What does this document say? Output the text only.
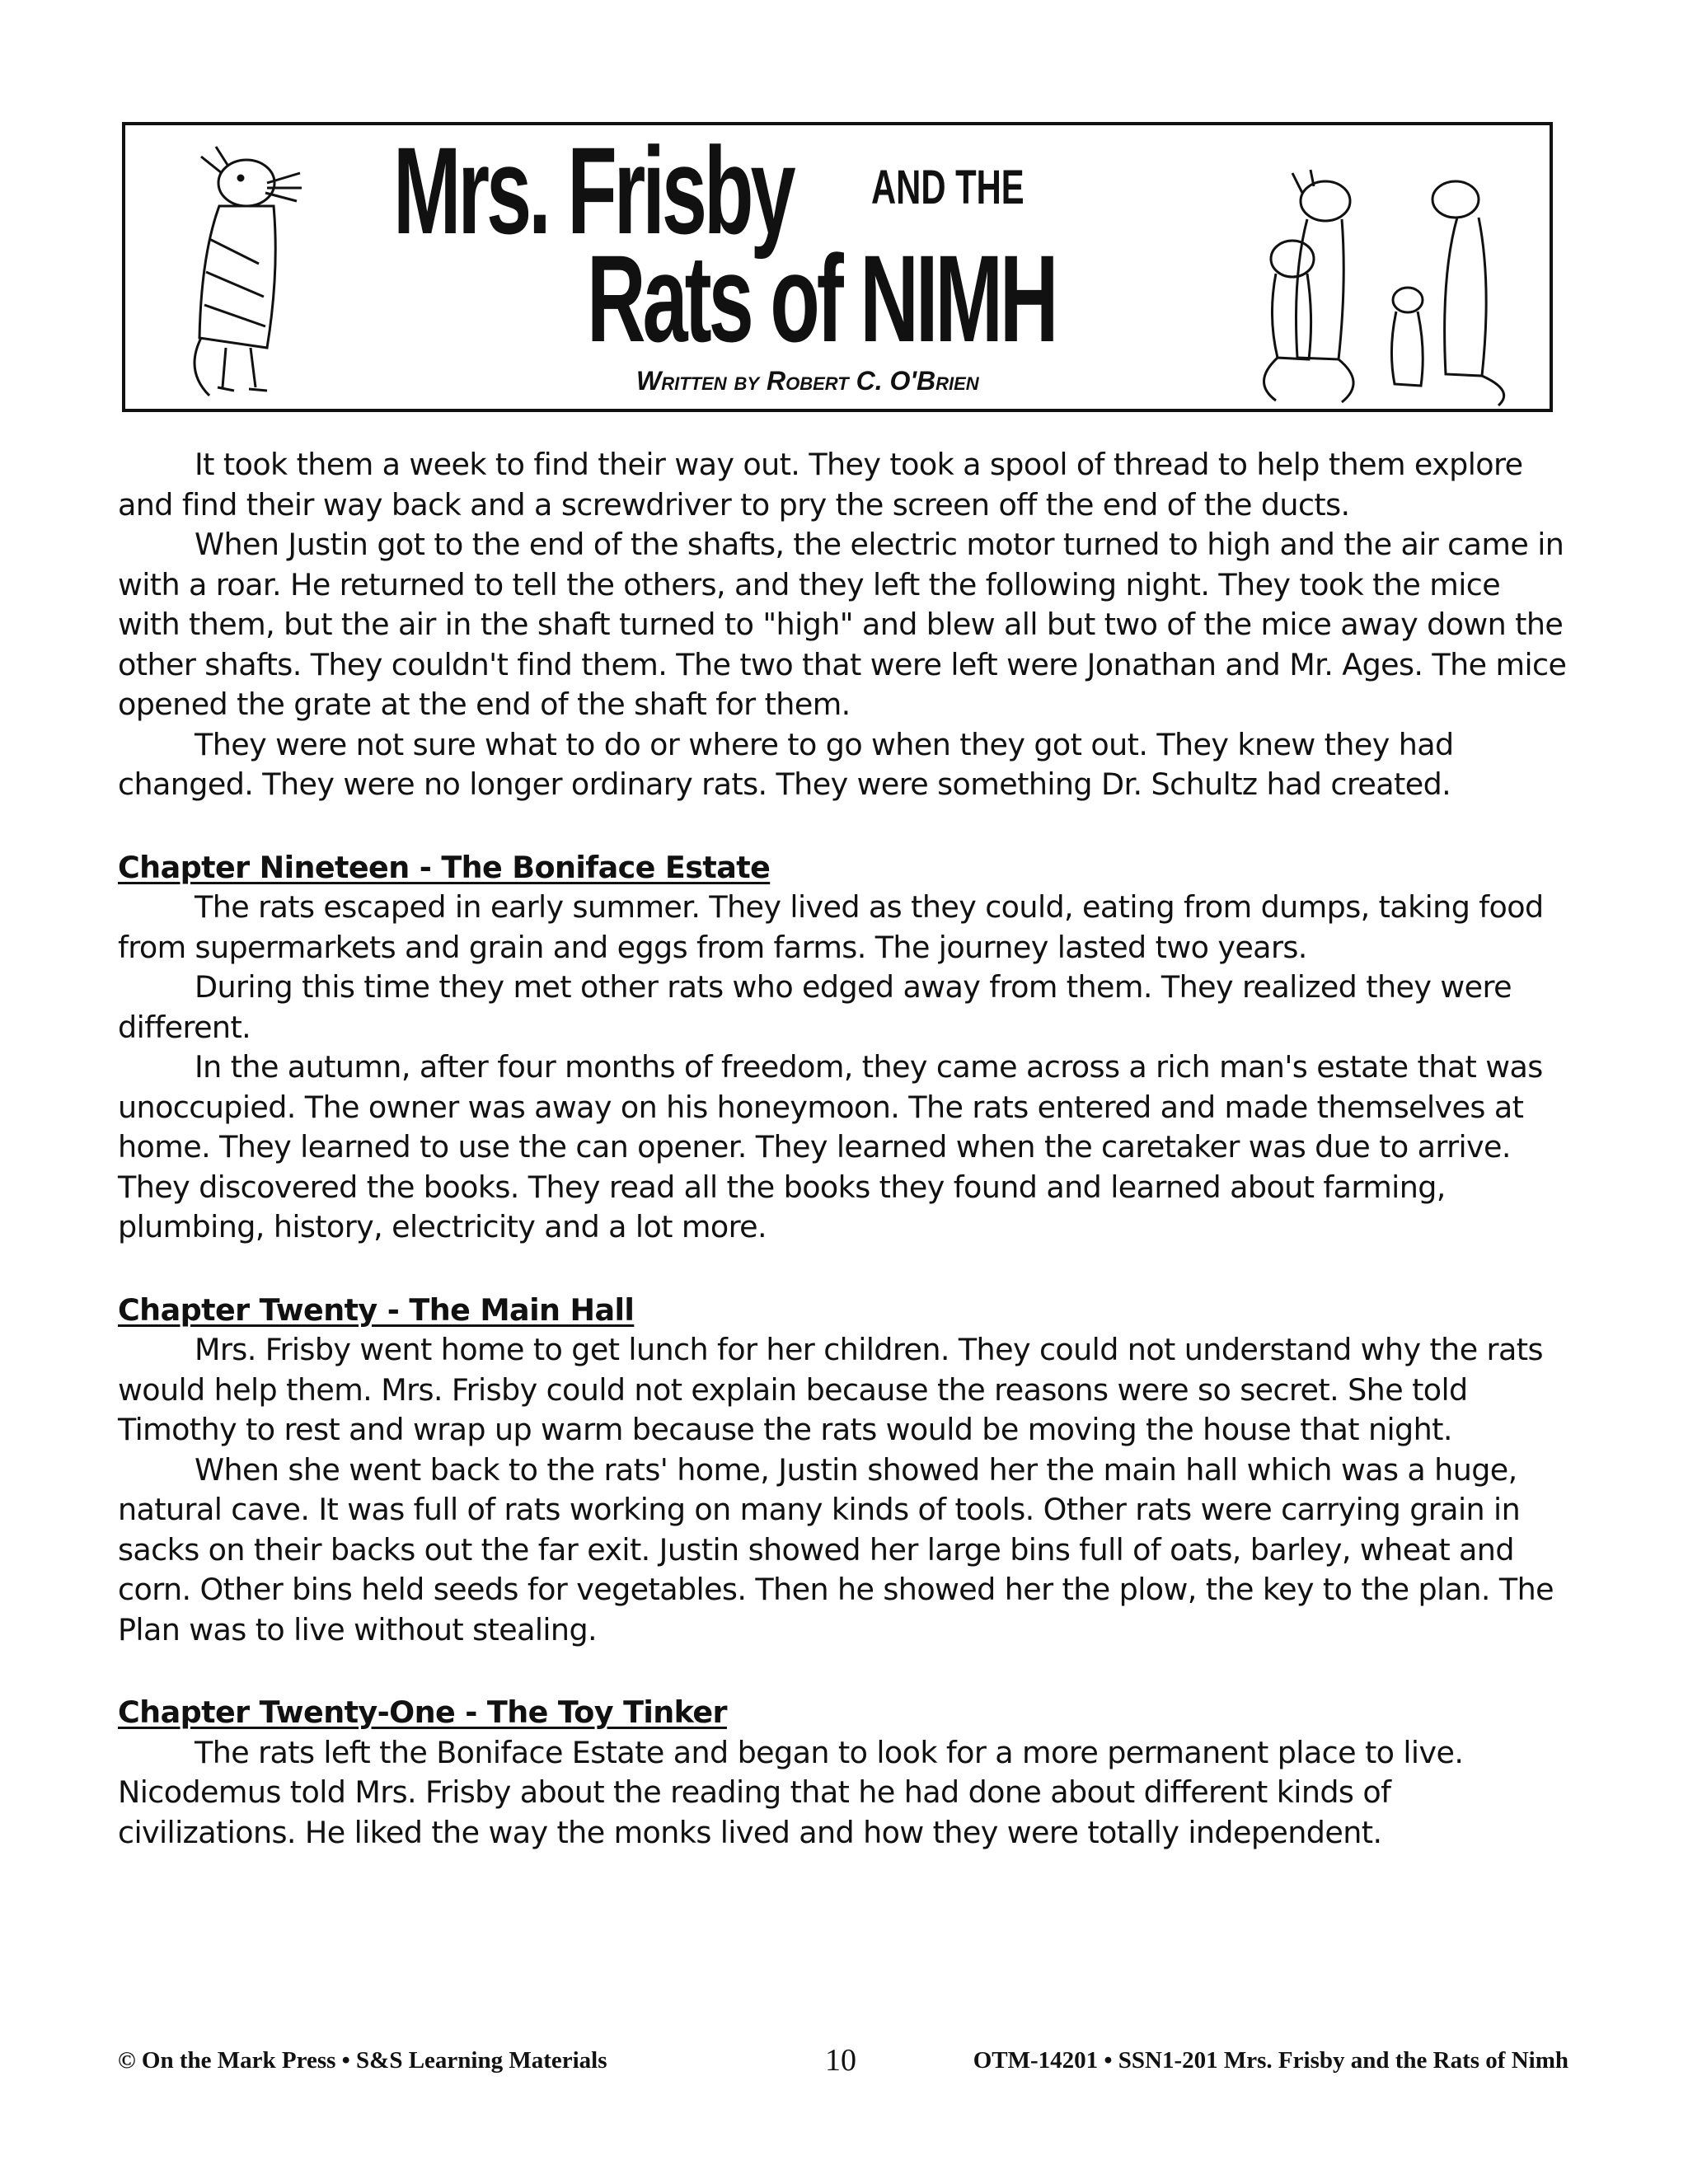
Mrs. Frisby AND THE
Rats of NIMH
Written by Robert C. O'Brien

It took them a week to find their way out. They took a spool of thread to help them explore and find their way back and a screwdriver to pry the screen off the end of the ducts.

When Justin got to the end of the shafts, the electric motor turned to high and the air came in with a roar. He returned to tell the others, and they left the following night. They took the mice with them, but the air in the shaft turned to "high" and blew all but two of the mice away down the other shafts. They couldn't find them. The two that were left were Jonathan and Mr. Ages. The mice opened the grate at the end of the shaft for them.

They were not sure what to do or where to go when they got out. They knew they had changed. They were no longer ordinary rats. They were something Dr. Schultz had created.

Chapter Nineteen - The Boniface Estate

The rats escaped in early summer. They lived as they could, eating from dumps, taking food from supermarkets and grain and eggs from farms. The journey lasted two years.

During this time they met other rats who edged away from them. They realized they were different.

In the autumn, after four months of freedom, they came across a rich man's estate that was unoccupied. The owner was away on his honeymoon. The rats entered and made themselves at home. They learned to use the can opener. They learned when the caretaker was due to arrive. They discovered the books. They read all the books they found and learned about farming, plumbing, history, electricity and a lot more.

Chapter Twenty - The Main Hall

Mrs. Frisby went home to get lunch for her children. They could not understand why the rats would help them. Mrs. Frisby could not explain because the reasons were so secret. She told Timothy to rest and wrap up warm because the rats would be moving the house that night.

When she went back to the rats' home, Justin showed her the main hall which was a huge, natural cave. It was full of rats working on many kinds of tools. Other rats were carrying grain in sacks on their backs out the far exit. Justin showed her large bins full of oats, barley, wheat and corn. Other bins held seeds for vegetables. Then he showed her the plow, the key to the plan. The Plan was to live without stealing.

Chapter Twenty-One - The Toy Tinker

The rats left the Boniface Estate and began to look for a more permanent place to live. Nicodemus told Mrs. Frisby about the reading that he had done about different kinds of civilizations. He liked the way the monks lived and how they were totally independent.

© On the Mark Press • S&S Learning Materials	10	OTM-14201 • SSN1-201 Mrs. Frisby and the Rats of Nimh
